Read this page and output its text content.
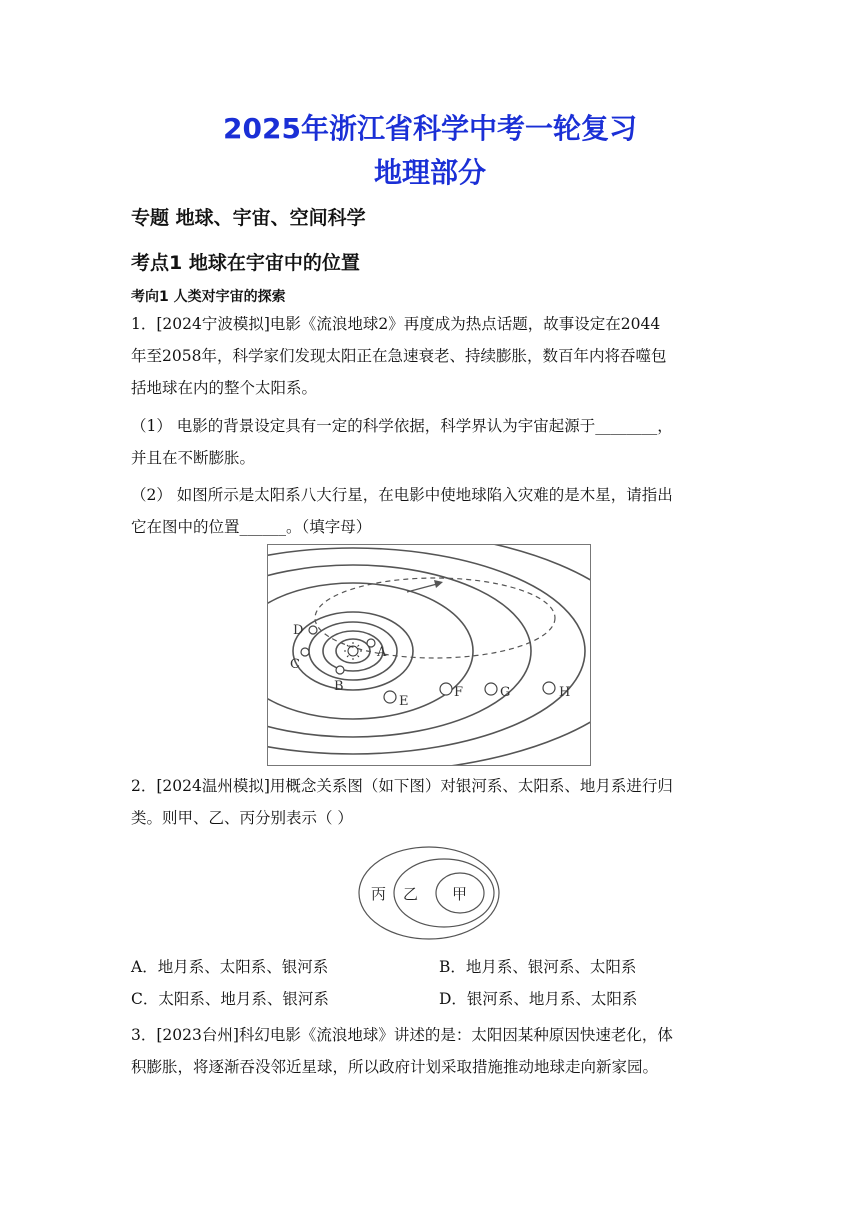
2025年浙江省科学中考一轮复习
地理部分
专题 地球、宇宙、空间科学
考点1 地球在宇宙中的位置
考向1 人类对宇宙的探索
1．[2024宁波模拟]电影《流浪地球2》再度成为热点话题，故事设定在2044
年至2058年，科学家们发现太阳正在急速衰老、持续膨胀，数百年内将吞噬包
括地球在内的整个太阳系。
（1） 电影的背景设定具有一定的科学依据，科学界认为宇宙起源于________，
并且在不断膨胀。
（2） 如图所示是太阳系八大行星，在电影中使地球陷入灾难的是木星，请指出
它在图中的位置______。（填字母）
A
B
C
D
E
F	G	H
2．[2024温州模拟]用概念关系图（如下图）对银河系、太阳系、地月系进行归
类。则甲、乙、丙分别表示（ ）
丙 乙 甲
A．地月系、太阳系、银河系	B．地月系、银河系、太阳系
C．太阳系、地月系、银河系	D．银河系、地月系、太阳系
3．[2023台州]科幻电影《流浪地球》讲述的是：太阳因某种原因快速老化，体
积膨胀，将逐渐吞没邻近星球，所以政府计划采取措施推动地球走向新家园。
